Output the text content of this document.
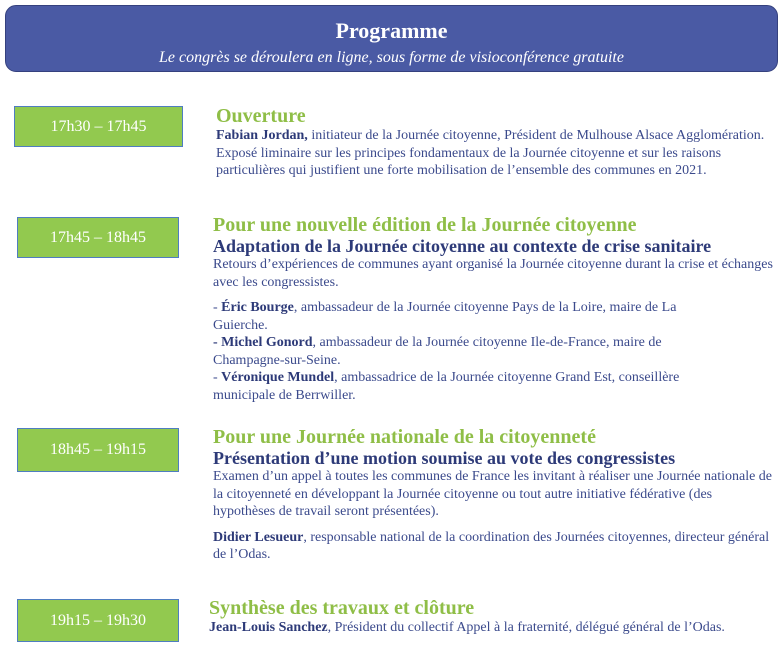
Programme
Le congrès se déroulera en ligne, sous forme de visioconférence gratuite
17h30 – 17h45	Ouverture
Fabian Jordan, initiateur de la Journée citoyenne, Président de Mulhouse Alsace Agglomération.
Exposé liminaire sur les principes fondamentaux de la Journée citoyenne et sur les raisons particulières qui justifient une forte mobilisation de l’ensemble des communes en 2021.
17h45 – 18h45
Pour une nouvelle édition de la Journée citoyenne
Adaptation de la Journée citoyenne au contexte de crise sanitaire
Retours d’expériences de communes ayant organisé la Journée citoyenne durant la crise et échanges avec les congressistes.
- Éric Bourge, ambassadeur de la Journée citoyenne Pays de la Loire, maire de La Guierche.
- Michel Gonord, ambassadeur de la Journée citoyenne Ile-de-France, maire de Champagne-sur-Seine.
- Véronique Mundel, ambassadrice de la Journée citoyenne Grand Est, conseillère municipale de Berrwiller.
18h45 – 19h15
Pour une Journée nationale de la citoyenneté
Présentation d’une motion soumise au vote des congressistes
Examen d’un appel à toutes les communes de France les invitant à réaliser une Journée nationale de la citoyenneté en développant la Journée citoyenne ou tout autre initiative fédérative (des hypothèses de travail seront présentées).
Didier Lesueur, responsable national de la coordination des Journées citoyennes, directeur général de l’Odas.
19h15 – 19h30
Synthèse des travaux et clôture
Jean-Louis Sanchez, Président du collectif Appel à la fraternité, délégué général de l’Odas.
